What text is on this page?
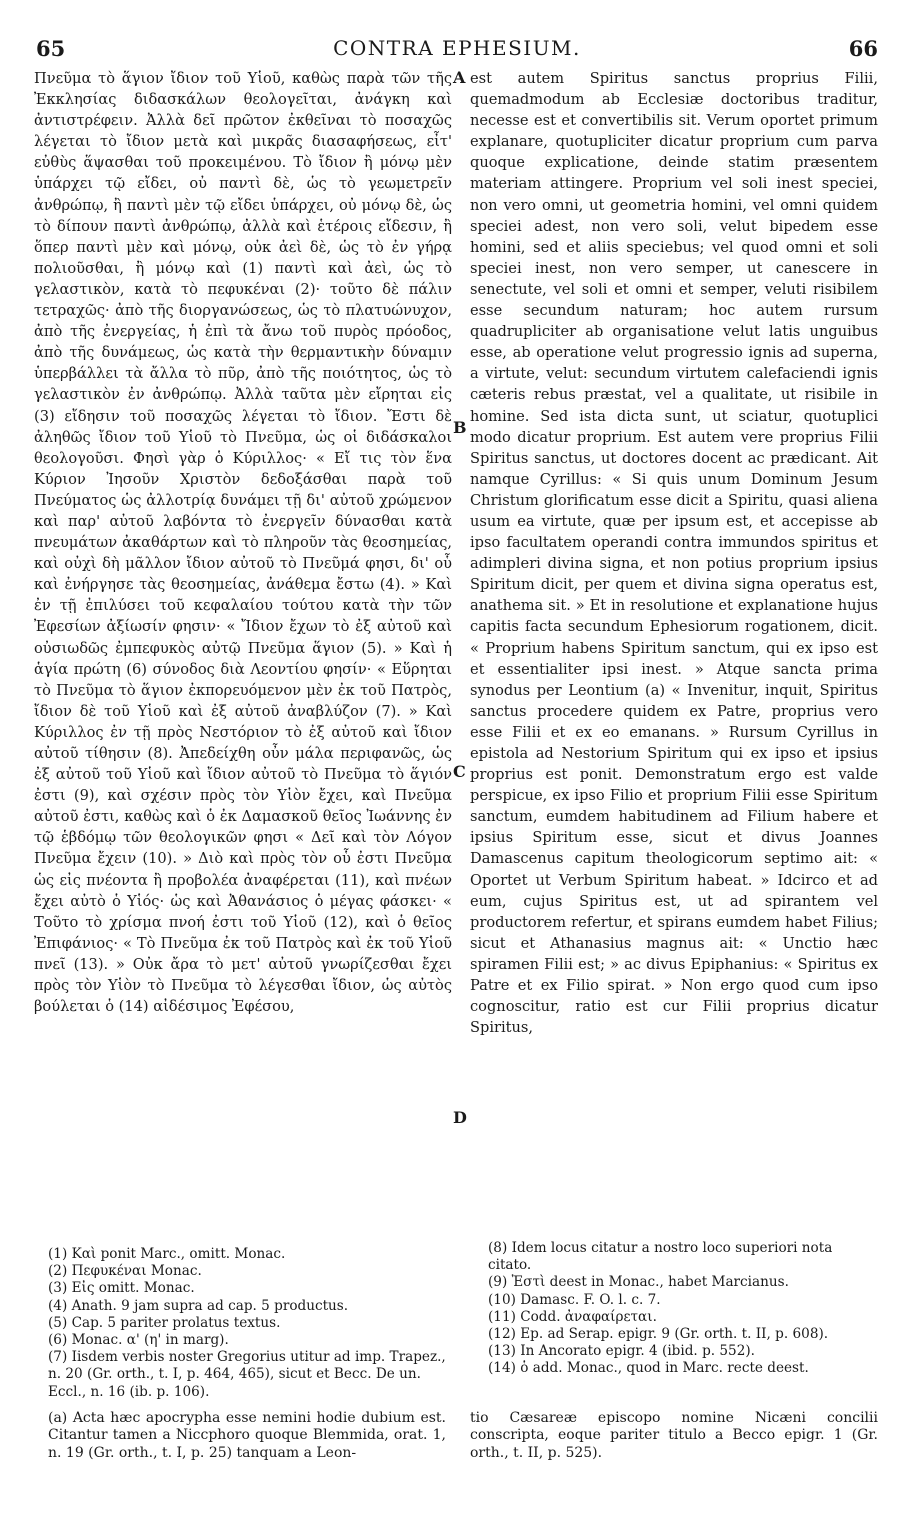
65	CONTRA EPHESIUM.	66

Πνεῦμα τὸ ἅγιον ἴδιον τοῦ Υἱοῦ, καθὼς παρὰ τῶν τῆς Ἐκκλησίας διδασκάλων θεολογεῖται, ἀνάγκη καὶ ἀντιστρέφειν. Ἀλλὰ δεῖ πρῶτον ἐκθεῖναι τὸ ποσαχῶς λέγεται τὸ ἴδιον μετὰ καὶ μικρᾶς διασαφήσεως, εἶτ' εὐθὺς ἅψασθαι τοῦ προκειμένου. Τὸ ἴδιον ἢ μόνῳ μὲν ὑπάρχει τῷ εἴδει, οὐ παντὶ δὲ, ὡς τὸ γεωμετρεῖν ἀνθρώπῳ, ἢ παντὶ μὲν τῷ εἴδει ὑπάρχει, οὐ μόνῳ δὲ, ὡς τὸ δίπουν παντὶ ἀνθρώπῳ, ἀλλὰ καὶ ἑτέροις εἴδεσιν, ἢ ὅπερ παντὶ μὲν καὶ μόνῳ, οὐκ ἀεὶ δὲ, ὡς τὸ ἐν γήρᾳ πολιοῦσθαι, ἢ μόνῳ καὶ (1) παντὶ καὶ ἀεὶ, ὡς τὸ γελαστικὸν, κατὰ τὸ πεφυκέναι (2)· τοῦτο δὲ πάλιν τετραχῶς· ἀπὸ τῆς διοργανώσεως, ὡς τὸ πλατυώνυχον, ἀπὸ τῆς ἐνεργείας, ἡ ἐπὶ τὰ ἄνω τοῦ πυρὸς πρόοδος, ἀπὸ τῆς δυνάμεως, ὡς κατὰ τὴν θερμαντικὴν δύναμιν ὑπερβάλλει τὰ ἄλλα τὸ πῦρ, ἀπὸ τῆς ποιότητος, ὡς τὸ γελαστικὸν ἐν ἀνθρώπῳ. Ἀλλὰ ταῦτα μὲν εἴρηται εἰς (3) εἴδησιν τοῦ ποσαχῶς λέγεται τὸ ἴδιον. Ἔστι δὲ ἀληθῶς ἴδιον τοῦ Υἱοῦ τὸ Πνεῦμα, ὡς οἱ διδάσκαλοι θεολογοῦσι. Φησὶ γὰρ ὁ Κύριλλος· « Εἴ τις τὸν ἕνα Κύριον Ἰησοῦν Χριστὸν δεδοξάσθαι παρὰ τοῦ Πνεύματος ὡς ἀλλοτρίᾳ δυνάμει τῇ δι' αὐτοῦ χρώμενον καὶ παρ' αὐτοῦ λαβόντα τὸ ἐνεργεῖν δύνασθαι κατὰ πνευμάτων ἀκαθάρτων καὶ τὸ πληροῦν τὰς θεοσημείας, καὶ οὐχὶ δὴ μᾶλλον ἴδιον αὐτοῦ τὸ Πνεῦμά φησι, δι' οὗ καὶ ἐνήργησε τὰς θεοσημείας, ἀνάθεμα ἔστω (4). » Καὶ ἐν τῇ ἐπιλύσει τοῦ κεφαλαίου τούτου κατὰ τὴν τῶν Ἐφεσίων ἀξίωσίν φησιν· « Ἴδιον ἔχων τὸ ἐξ αὐτοῦ καὶ οὐσιωδῶς ἐμπεφυκὸς αὐτῷ Πνεῦμα ἅγιον (5). » Καὶ ἡ ἁγία πρώτη (6) σύνοδος διὰ Λεοντίου φησίν· « Εὕρηται τὸ Πνεῦμα τὸ ἅγιον ἐκπορευόμενον μὲν ἐκ τοῦ Πατρὸς, ἴδιον δὲ τοῦ Υἱοῦ καὶ ἐξ αὐτοῦ ἀναβλύζον (7). » Καὶ Κύριλλος ἐν τῇ πρὸς Νεστόριον τὸ ἐξ αὐτοῦ καὶ ἴδιον αὐτοῦ τίθησιν (8). Ἀπεδείχθη οὖν μάλα περιφανῶς, ὡς ἐξ αὐτοῦ τοῦ Υἱοῦ καὶ ἴδιον αὐτοῦ τὸ Πνεῦμα τὸ ἅγιόν ἐστι (9), καὶ σχέσιν πρὸς τὸν Υἱὸν ἔχει, καὶ Πνεῦμα αὐτοῦ ἐστι, καθὼς καὶ ὁ ἐκ Δαμασκοῦ θεῖος Ἰωάννης ἐν τῷ ἑβδόμῳ τῶν θεολογικῶν φησι « Δεῖ καὶ τὸν Λόγον Πνεῦμα ἔχειν (10). » Διὸ καὶ πρὸς τὸν οὗ ἐστι Πνεῦμα ὡς εἰς πνέοντα ἢ προβολέα ἀναφέρεται (11), καὶ πνέων ἔχει αὐτὸ ὁ Υἱός· ὡς καὶ Ἀθανάσιος ὁ μέγας φάσκει· « Τοῦτο τὸ χρίσμα πνοή ἐστι τοῦ Υἱοῦ (12), καὶ ὁ θεῖος Ἐπιφάνιος· « Τὸ Πνεῦμα ἐκ τοῦ Πατρὸς καὶ ἐκ τοῦ Υἱοῦ πνεῖ (13). » Οὐκ ἄρα τὸ μετ' αὐτοῦ γνωρίζεσθαι ἔχει πρὸς τὸν Υἱὸν τὸ Πνεῦμα τὸ λέγεσθαι ἴδιον, ὡς αὐτὸς βούλεται ὁ (14) αἰδέσιμος Ἐφέσου,

A
B
C
D

est autem Spiritus sanctus proprius Filii, quemadmodum ab Ecclesiæ doctoribus traditur, necesse est et convertibilis sit. Verum oportet primum explanare, quotupliciter dicatur proprium cum parva quoque explicatione, deinde statim præsentem materiam attingere. Proprium vel soli inest speciei, non vero omni, ut geometria homini, vel omni quidem speciei adest, non vero soli, velut bipedem esse homini, sed et aliis speciebus; vel quod omni et soli speciei inest, non vero semper, ut canescere in senectute, vel soli et omni et semper, veluti risibilem esse secundum naturam; hoc autem rursum quadrupliciter ab organisatione velut latis unguibus esse, ab operatione velut progressio ignis ad superna, a virtute, velut: secundum virtutem calefaciendi ignis cæteris rebus præstat, vel a qualitate, ut risibile in homine. Sed ista dicta sunt, ut sciatur, quotuplici modo dicatur proprium. Est autem vere proprius Filii Spiritus sanctus, ut doctores docent ac prædicant. Ait namque Cyrillus: « Si quis unum Dominum Jesum Christum glorificatum esse dicit a Spiritu, quasi aliena usum ea virtute, quæ per ipsum est, et accepisse ab ipso facultatem operandi contra immundos spiritus et adimpleri divina signa, et non potius proprium ipsius Spiritum dicit, per quem et divina signa operatus est, anathema sit. » Et in resolutione et explanatione hujus capitis facta secundum Ephesiorum rogationem, dicit. « Proprium habens Spiritum sanctum, qui ex ipso est et essentialiter ipsi inest. » Atque sancta prima synodus per Leontium (a) « Invenitur, inquit, Spiritus sanctus procedere quidem ex Patre, proprius vero esse Filii et ex eo emanans. » Rursum Cyrillus in epistola ad Nestorium Spiritum qui ex ipso et ipsius proprius est ponit. Demonstratum ergo est valde perspicue, ex ipso Filio et proprium Filii esse Spiritum sanctum, eumdem habitudinem ad Filium habere et ipsius Spiritum esse, sicut et divus Joannes Damascenus capitum theologicorum septimo ait: « Oportet ut Verbum Spiritum habeat. » Idcirco et ad eum, cujus Spiritus est, ut ad spirantem vel productorem refertur, et spirans eumdem habet Filius; sicut et Athanasius magnus ait: « Unctio hæc spiramen Filii est; » ac divus Epiphanius: « Spiritus ex Patre et ex Filio spirat. » Non ergo quod cum ipso cognoscitur, ratio est cur Filii proprius dicatur Spiritus,

(1) Καὶ ponit Marc., omitt. Monac.

(2) Πεφυκέναι Monac.

(3) Εἰς omitt. Monac.

(4) Anath. 9 jam supra ad cap. 5 productus.

(5) Cap. 5 pariter prolatus textus.

(6) Monac. α' (η' in marg).

(7) Iisdem verbis noster Gregorius utitur ad imp. Trapez., n. 20 (Gr. orth., t. I, p. 464, 465), sicut et Becc. De un. Eccl., n. 16 (ib. p. 106).

(8) Idem locus citatur a nostro loco superiori nota citato.

(9) Ἐστὶ deest in Monac., habet Marcianus.

(10) Damasc. F. O. l. c. 7.

(11) Codd. ἀναφαίρεται.

(12) Ep. ad Serap. epigr. 9 (Gr. orth. t. II, p. 608).

(13) In Ancorato epigr. 4 (ibid. p. 552).

(14) ὁ add. Monac., quod in Marc. recte deest.

(a) Acta hæc apocrypha esse nemini hodie dubium est. Citantur tamen a Niccphoro quoque Blemmida, orat. 1, n. 19 (Gr. orth., t. I, p. 25) tanquam a Leon-
tio Cæsareæ episcopo nomine Nicæni concilii conscripta, eoque pariter titulo a Becco epigr. 1 (Gr. orth., t. II, p. 525).
